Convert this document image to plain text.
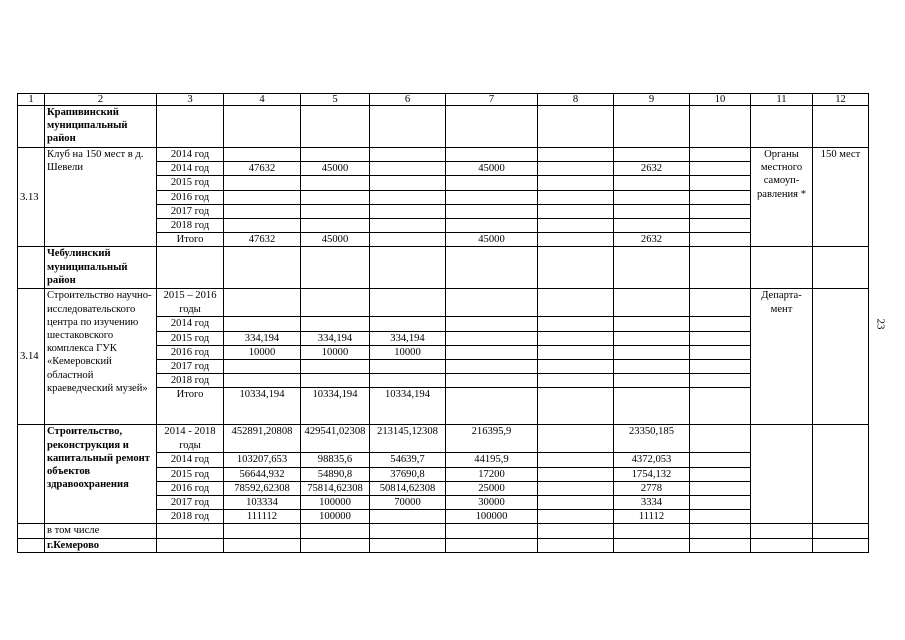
1	2	3	4	5	6	7	8	9	10	11	12
	Крапивинский муниципальный район										
3.13	Клуб на 150 мест в д. Шевели	2014 год								Органы местного самоуп-равления *	150 мест
		2014 год	47632	45000		45000		2632			
		2015 год									
		2016 год									
		2017 год									
		2018 год									
		Итого	47632	45000		45000		2632			
	Чебулинский муниципальный район										
3.14	Строительство научно-исследовательского центра по изучению шестаковского комплекса ГУК «Кемеровский областной краеведческий музей»	2015 – 2016 годы								Департа-мент	
		2014 год									
		2015 год	334,194	334,194	334,194						
		2016 год	10000	10000	10000						
		2017 год									
		2018 год									
		Итого	10334,194	10334,194	10334,194						
	Строительство, реконструкция и капитальный ремонт объектов здравоохранения	2014 - 2018 годы	452891,20808	429541,02308	213145,12308	216395,9		23350,185			
		2014 год	103207,653	98835,6	54639,7	44195,9		4372,053			
		2015 год	56644,932	54890,8	37690,8	17200		1754,132			
		2016 год	78592,62308	75814,62308	50814,62308	25000		2778			
		2017 год	103334	100000	70000	30000		3334			
		2018 год	111112	100000		100000		11112			
	в том числе										
	г.Кемерово										
23
